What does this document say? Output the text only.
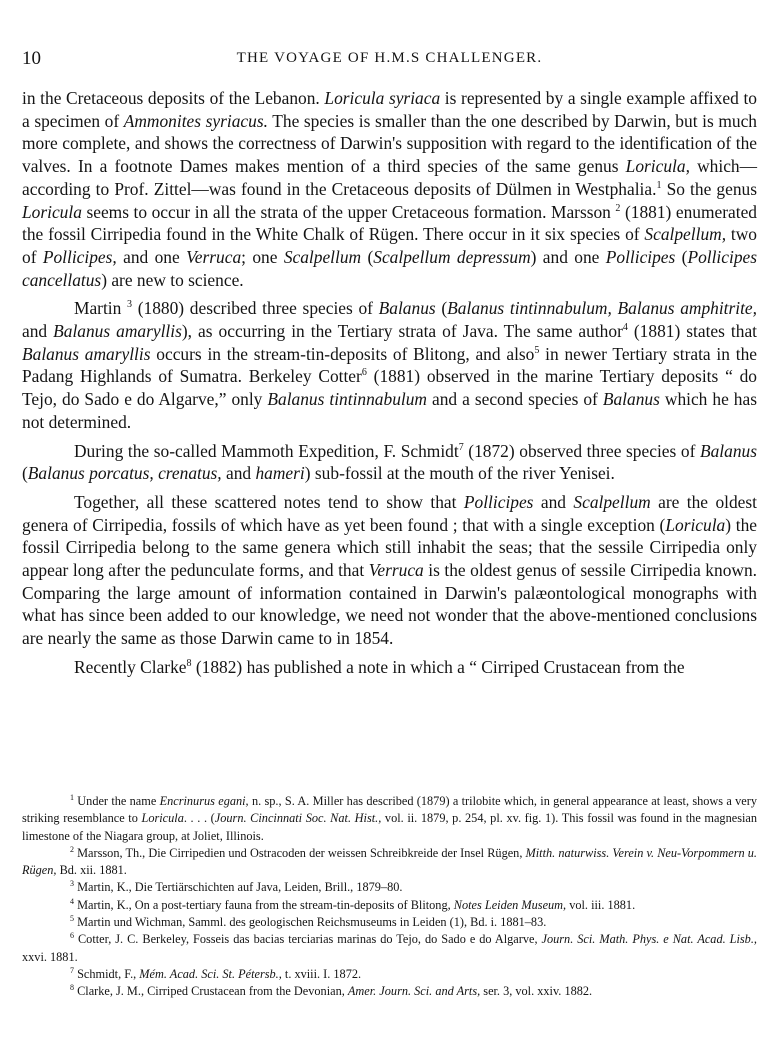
10	THE VOYAGE OF H.M.S CHALLENGER.

in the Cretaceous deposits of the Lebanon. Loricula syriaca is represented by a single example affixed to a specimen of Ammonites syriacus. The species is smaller than the one described by Darwin, but is much more complete, and shows the correctness of Darwin's supposition with regard to the identification of the valves. In a footnote Dames makes mention of a third species of the same genus Loricula, which—according to Prof. Zittel—was found in the Cretaceous deposits of Dülmen in Westphalia.$^1$ So the genus Loricula seems to occur in all the strata of the upper Cretaceous formation. Marsson $^2$ (1881) enumerated the fossil Cirripedia found in the White Chalk of Rügen. There occur in it six species of Scalpellum, two of Pollicipes, and one Verruca; one Scalpellum (Scalpellum depressum) and one Pollicipes (Pollicipes cancellatus) are new to science.

Martin $^3$ (1880) described three species of Balanus (Balanus tintinnabulum, Balanus amphitrite, and Balanus amaryllis), as occurring in the Tertiary strata of Java. The same author$^4$ (1881) states that Balanus amaryllis occurs in the stream-tin-deposits of Blitong, and also$^5$ in newer Tertiary strata in the Padang Highlands of Sumatra. Berkeley Cotter$^6$ (1881) observed in the marine Tertiary deposits “ do Tejo, do Sado e do Algarve,” only Balanus tintinnabulum and a second species of Balanus which he has not determined.

During the so-called Mammoth Expedition, F. Schmidt$^7$ (1872) observed three species of Balanus (Balanus porcatus, crenatus, and hameri) sub-fossil at the mouth of the river Yenisei.

Together, all these scattered notes tend to show that Pollicipes and Scalpellum are the oldest genera of Cirripedia, fossils of which have as yet been found ; that with a single exception (Loricula) the fossil Cirripedia belong to the same genera which still inhabit the seas; that the sessile Cirripedia only appear long after the pedunculate forms, and that Verruca is the oldest genus of sessile Cirripedia known. Comparing the large amount of information contained in Darwin's palæontological monographs with what has since been added to our knowledge, we need not wonder that the above-mentioned conclusions are nearly the same as those Darwin came to in 1854.

Recently Clarke$^8$ (1882) has published a note in which a “ Cirriped Crustacean from the

$^1$ Under the name Encrinurus egani, n. sp., S. A. Miller has described (1879) a trilobite which, in general appearance at least, shows a very striking resemblance to Loricula. . . . (Journ. Cincinnati Soc. Nat. Hist., vol. ii. 1879, p. 254, pl. xv. fig. 1). This fossil was found in the magnesian limestone of the Niagara group, at Joliet, Illinois.

$^2$ Marsson, Th., Die Cirripedien und Ostracoden der weissen Schreibkreide der Insel Rügen, Mitth. naturwiss. Verein v. Neu-Vorpommern u. Rügen, Bd. xii. 1881.

$^3$ Martin, K., Die Tertiärschichten auf Java, Leiden, Brill., 1879–80.

$^4$ Martin, K., On a post-tertiary fauna from the stream-tin-deposits of Blitong, Notes Leiden Museum, vol. iii. 1881.

$^5$ Martin und Wichman, Samml. des geologischen Reichsmuseums in Leiden (1), Bd. i. 1881–83.

$^6$ Cotter, J. C. Berkeley, Fosseis das bacias terciarias marinas do Tejo, do Sado e do Algarve, Journ. Sci. Math. Phys. e Nat. Acad. Lisb., xxvi. 1881.

$^7$ Schmidt, F., Mém. Acad. Sci. St. Pétersb., t. xviii. I. 1872.

$^8$ Clarke, J. M., Cirriped Crustacean from the Devonian, Amer. Journ. Sci. and Arts, ser. 3, vol. xxiv. 1882.
